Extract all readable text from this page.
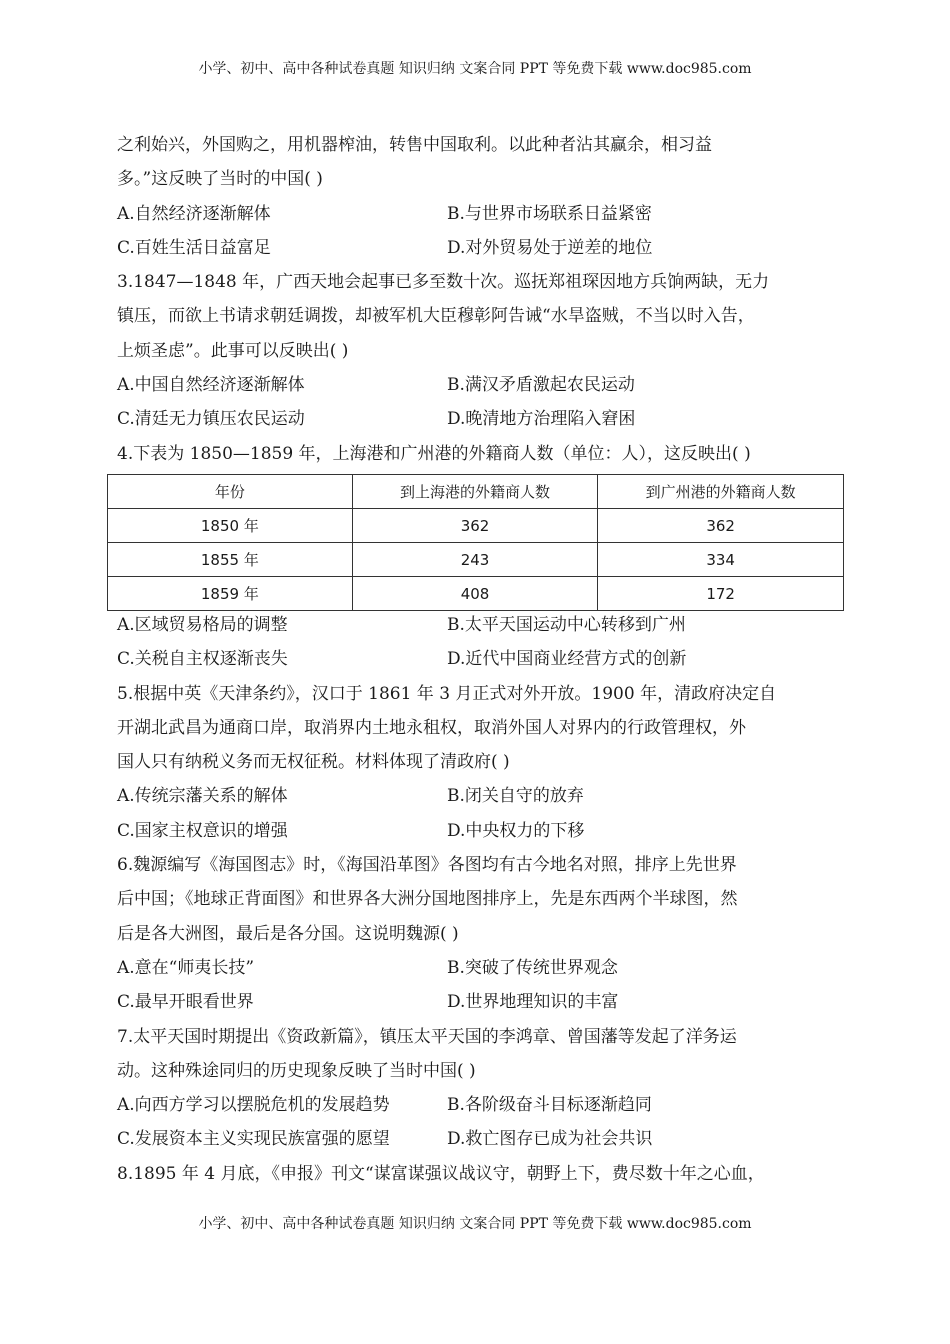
小学、初中、高中各种试卷真题 知识归纳 文案合同 PPT 等免费下载 www.doc985.com
之利始兴，外国购之，用机器榨油，转售中国取利。以此种者沾其赢余，相习益
多。”这反映了当时的中国( )
A.自然经济逐渐解体	B.与世界市场联系日益紧密
C.百姓生活日益富足	D.对外贸易处于逆差的地位
3.1847—1848 年，广西天地会起事已多至数十次。巡抚郑祖琛因地方兵饷两缺，无力
镇压，而欲上书请求朝廷调拨，却被军机大臣穆彰阿告诫“水旱盗贼，不当以时入告，
上烦圣虑”。此事可以反映出( )
A.中国自然经济逐渐解体	B.满汉矛盾激起农民运动
C.清廷无力镇压农民运动	D.晚清地方治理陷入窘困
4.下表为 1850—1859 年，上海港和广州港的外籍商人数（单位：人），这反映出( )
A.区域贸易格局的调整	B.太平天国运动中心转移到广州
C.关税自主权逐渐丧失	D.近代中国商业经营方式的创新
5.根据中英《天津条约》，汉口于 1861 年 3 月正式对外开放。1900 年，清政府决定自
开湖北武昌为通商口岸，取消界内土地永租权，取消外国人对界内的行政管理权，外
国人只有纳税义务而无权征税。材料体现了清政府( )
A.传统宗藩关系的解体	B.闭关自守的放弃
C.国家主权意识的增强	D.中央权力的下移
6.魏源编写《海国图志》时，《海国沿革图》各图均有古今地名对照，排序上先世界
后中国；《地球正背面图》和世界各大洲分国地图排序上，先是东西两个半球图，然
后是各大洲图，最后是各分国。这说明魏源( )
A.意在“师夷长技”	B.突破了传统世界观念
C.最早开眼看世界	D.世界地理知识的丰富
7.太平天国时期提出《资政新篇》，镇压太平天国的李鸿章、曾国藩等发起了洋务运
动。这种殊途同归的历史现象反映了当时中国( )
A.向西方学习以摆脱危机的发展趋势	B.各阶级奋斗目标逐渐趋同
C.发展资本主义实现民族富强的愿望	D.救亡图存已成为社会共识
8.1895 年 4 月底，《申报》刊文“谋富谋强议战议守，朝野上下，费尽数十年之心血，
年份	到上海港的外籍商人数	到广州港的外籍商人数
1850 年	362	362
1855 年	243	334
1859 年	408	172
小学、初中、高中各种试卷真题 知识归纳 文案合同 PPT 等免费下载 www.doc985.com
